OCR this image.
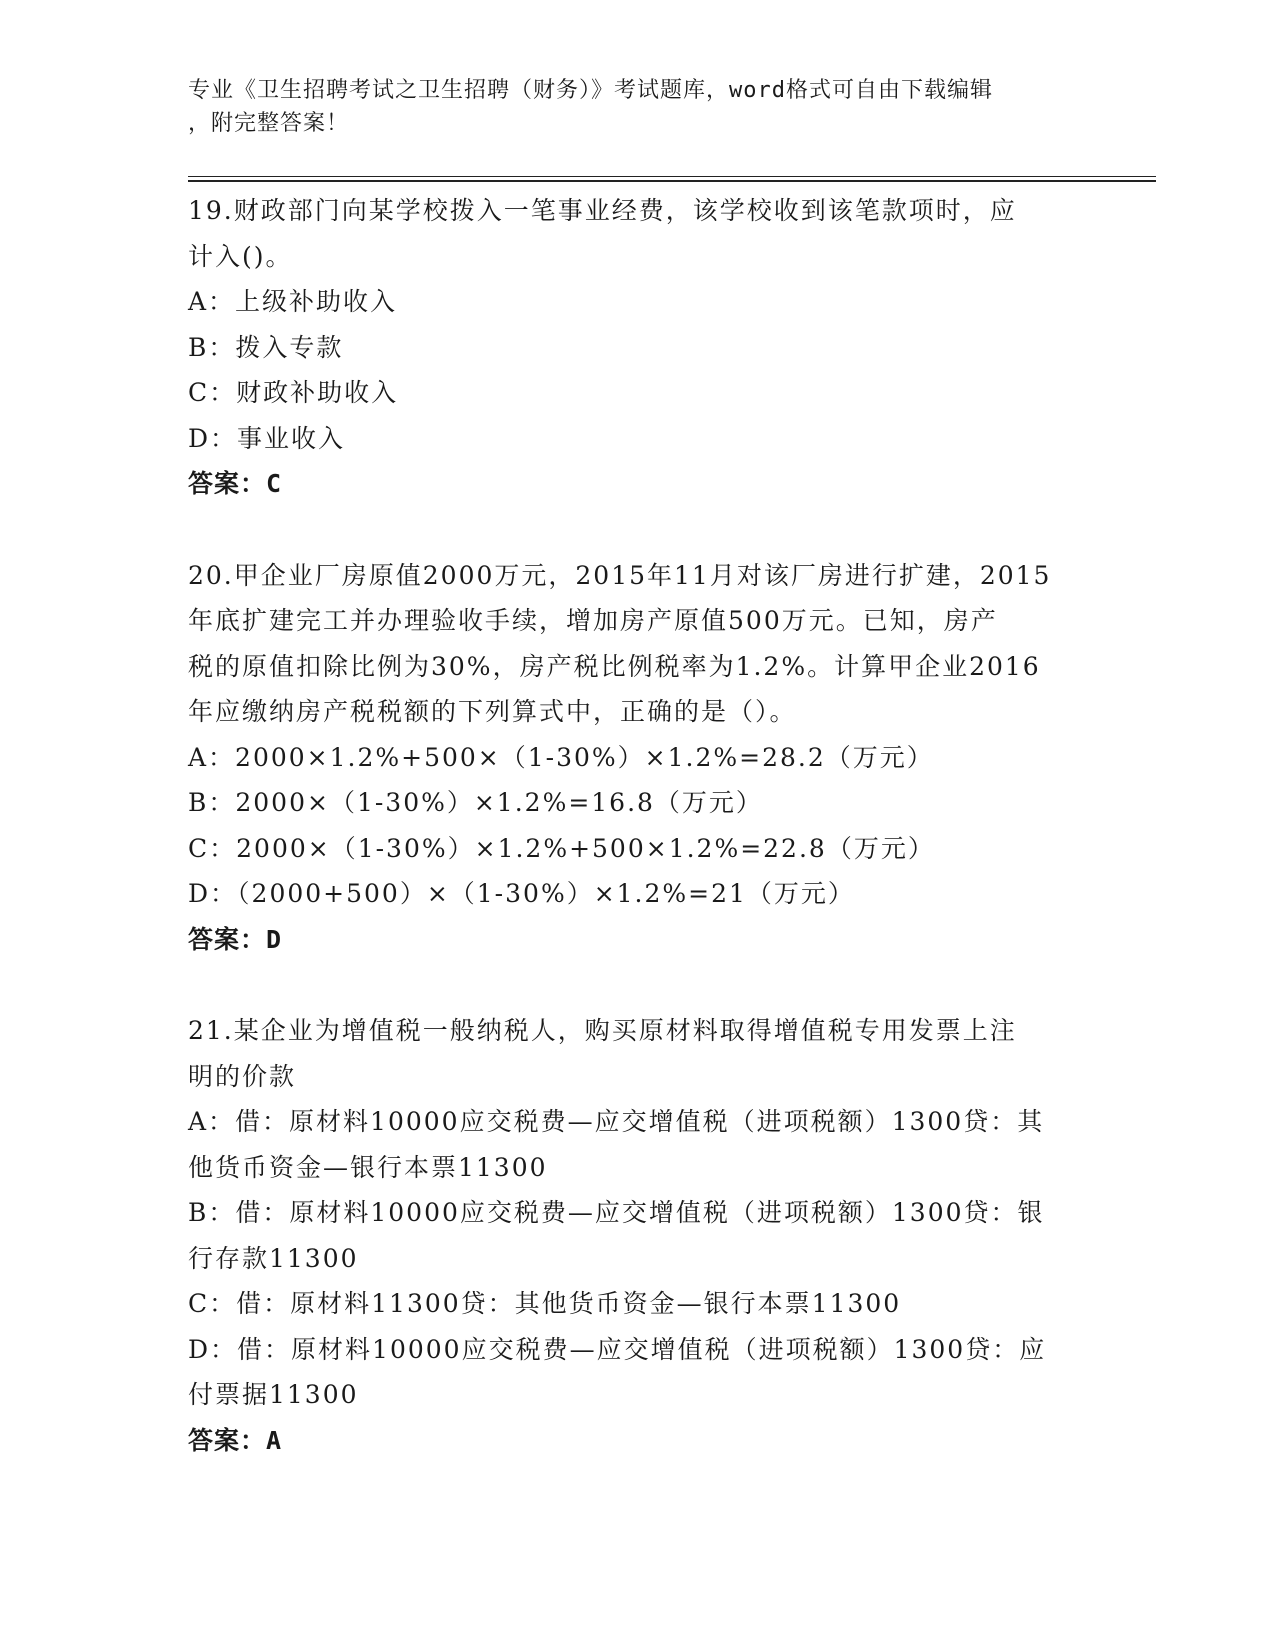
专业《卫生招聘考试之卫生招聘（财务）》考试题库，word格式可自由下载编辑
，附完整答案！

19.财政部门向某学校拨入一笔事业经费，该学校收到该笔款项时，应

计入()。

A：上级补助收入

B：拨入专款

C：财政补助收入

D：事业收入

答案：C

20.甲企业厂房原值2000万元，2015年11月对该厂房进行扩建，2015

年底扩建完工并办理验收手续，增加房产原值500万元。已知，房产

税的原值扣除比例为30%，房产税比例税率为1.2%。计算甲企业2016

年应缴纳房产税税额的下列算式中，正确的是（）。

A：2000×1.2%+500×（1-30%）×1.2%=28.2（万元）

B：2000×（1-30%）×1.2%=16.8（万元）

C：2000×（1-30%）×1.2%+500×1.2%=22.8（万元）

D：（2000+500）×（1-30%）×1.2%=21（万元）

答案：D

21.某企业为增值税一般纳税人，购买原材料取得增值税专用发票上注

明的价款

A：借：原材料10000应交税费—应交增值税（进项税额）1300贷：其

他货币资金—银行本票11300

B：借：原材料10000应交税费—应交增值税（进项税额）1300贷：银

行存款11300

C：借：原材料11300贷：其他货币资金—银行本票11300

D：借：原材料10000应交税费—应交增值税（进项税额）1300贷：应

付票据11300

答案：A
